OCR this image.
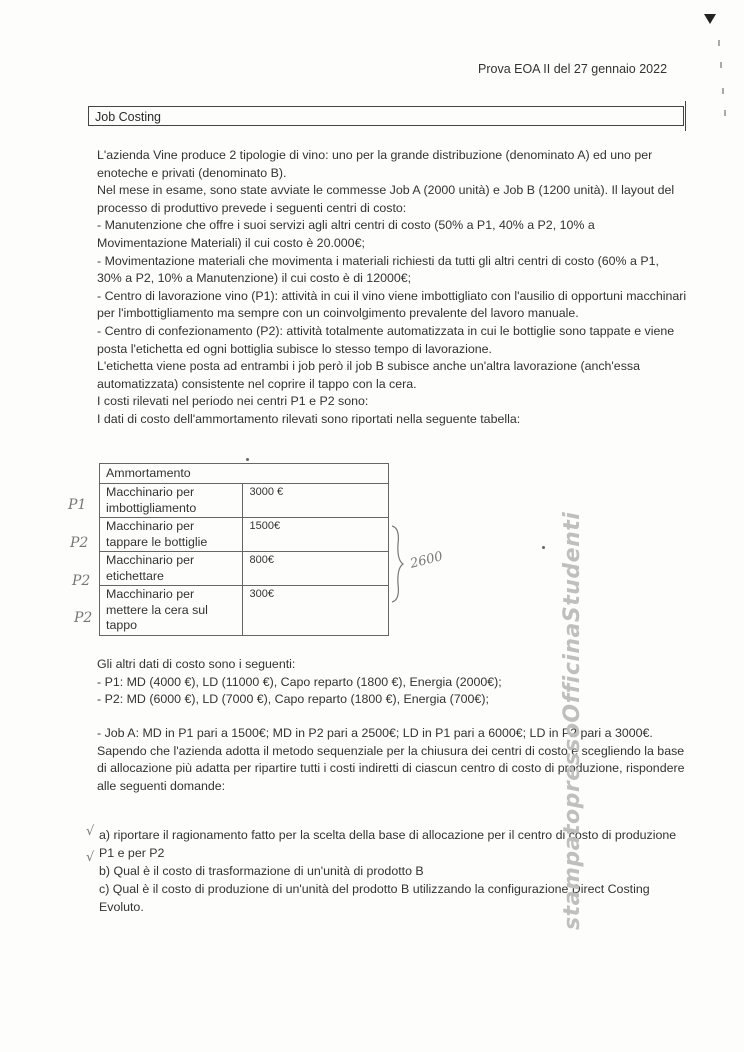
Prova EOA II del 27 gennaio 2022
Job Costing

L'azienda Vine produce 2 tipologie di vino: uno per la grande distribuzione (denominato A) ed uno per enoteche e privati (denominato B).

Nel mese in esame, sono state avviate le commesse Job A (2000 unità) e Job B (1200 unità). Il layout del processo di produttivo prevede i seguenti centri di costo:

- Manutenzione che offre i suoi servizi agli altri centri di costo (50% a P1, 40% a P2, 10% a Movimentazione Materiali) il cui costo è 20.000€;

- Movimentazione materiali che movimenta i materiali richiesti da tutti gli altri centri di costo (60% a P1, 30% a P2, 10% a Manutenzione) il cui costo è di 12000€;

- Centro di lavorazione vino (P1): attività in cui il vino viene imbottigliato con l'ausilio di opportuni macchinari per l'imbottigliamento ma sempre con un coinvolgimento prevalente del lavoro manuale.

- Centro di confezionamento (P2): attività totalmente automatizzata in cui le bottiglie sono tappate e viene posta l'etichetta ed ogni bottiglia subisce lo stesso tempo di lavorazione.

L'etichetta viene posta ad entrambi i job però il job B subisce anche un'altra lavorazione (anch'essa automatizzata) consistente nel coprire il tappo con la cera.

I costi rilevati nel periodo nei centri P1 e P2 sono:

I dati di costo dell'ammortamento rilevati sono riportati nella seguente tabella:

Ammortamento	
Macchinario per imbottigliamento	3000 €
Macchinario per tappare le bottiglie	1500€
Macchinario per etichettare	800€
Macchinario per mettere la cera sul tappo	300€
P1
P2
P2
P2
2600

Gli altri dati di costo sono i seguenti:

- P1: MD (4000 €), LD (11000 €), Capo reparto (1800 €), Energia (2000€);

- P2: MD (6000 €), LD (7000 €), Capo reparto (1800 €), Energia (700€);

- Job A: MD in P1 pari a 1500€; MD in P2 pari a 2500€; LD in P1 pari a 6000€; LD in P2 pari a 3000€.

Sapendo che l'azienda adotta il metodo sequenziale per la chiusura dei centri di costo e scegliendo la base di allocazione più adatta per ripartire tutti i costi indiretti di ciascun centro di costo di produzione, rispondere alle seguenti domande:

√
√

a) riportare il ragionamento fatto per la scelta della base di allocazione per il centro di costo di produzione P1 e per P2

b) Qual è il costo di trasformazione di un'unità di prodotto B

c) Qual è il costo di produzione di un'unità del prodotto B utilizzando la configurazione Direct Costing Evoluto.	stampatopressoOfficinaStudenti
